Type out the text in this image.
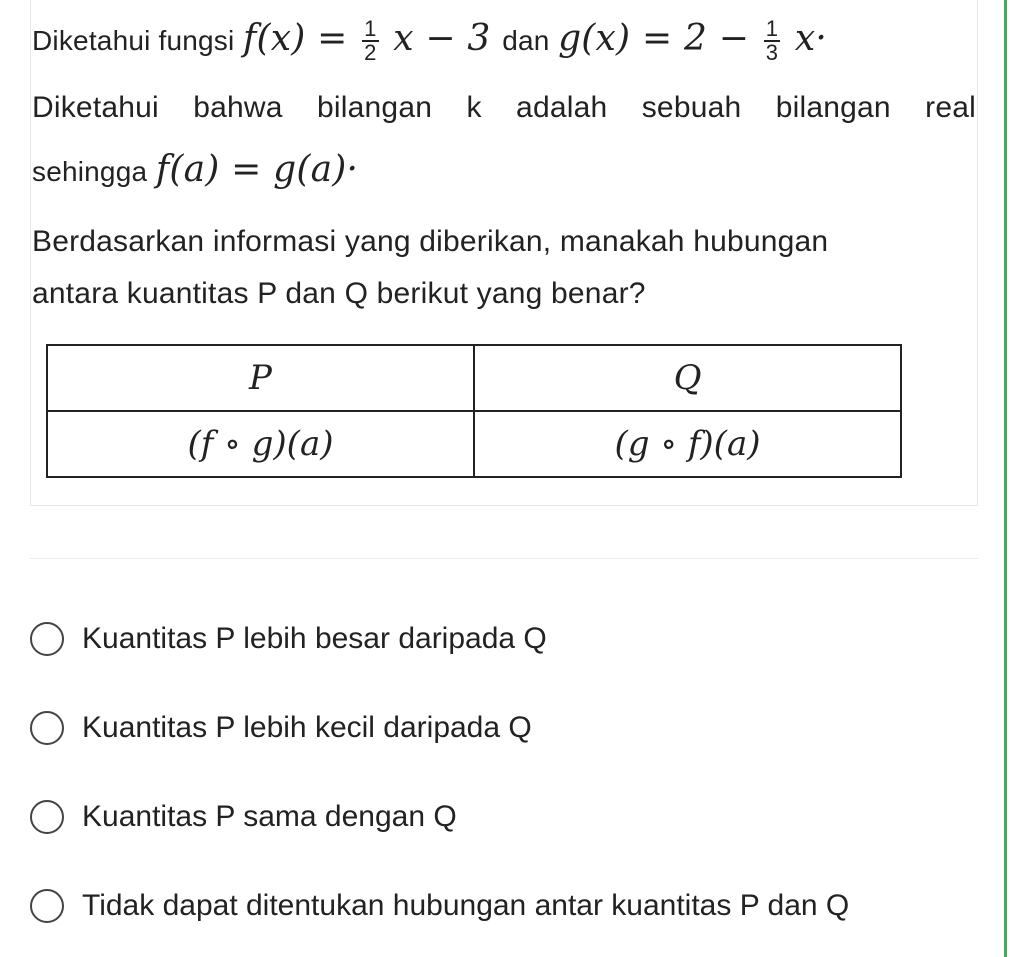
Diketahui fungsi $f(x) = \frac{1}{2}$ x − 3 dan $g(x) = 2 - \frac{1}{3} x\cdot$
Diketahui bahwa bilangan k adalah sebuah bilangan real
sehingga f(a) = g(a)·
Berdasarkan informasi yang diberikan, manakah hubungan
antara kuantitas P dan Q berikut yang benar?
P	Q
(f ∘ g)(a)	(g ∘ f)(a)
Kuantitas P lebih besar daripada Q
Kuantitas P lebih kecil daripada Q
Kuantitas P sama dengan Q
Tidak dapat ditentukan hubungan antar kuantitas P dan Q
